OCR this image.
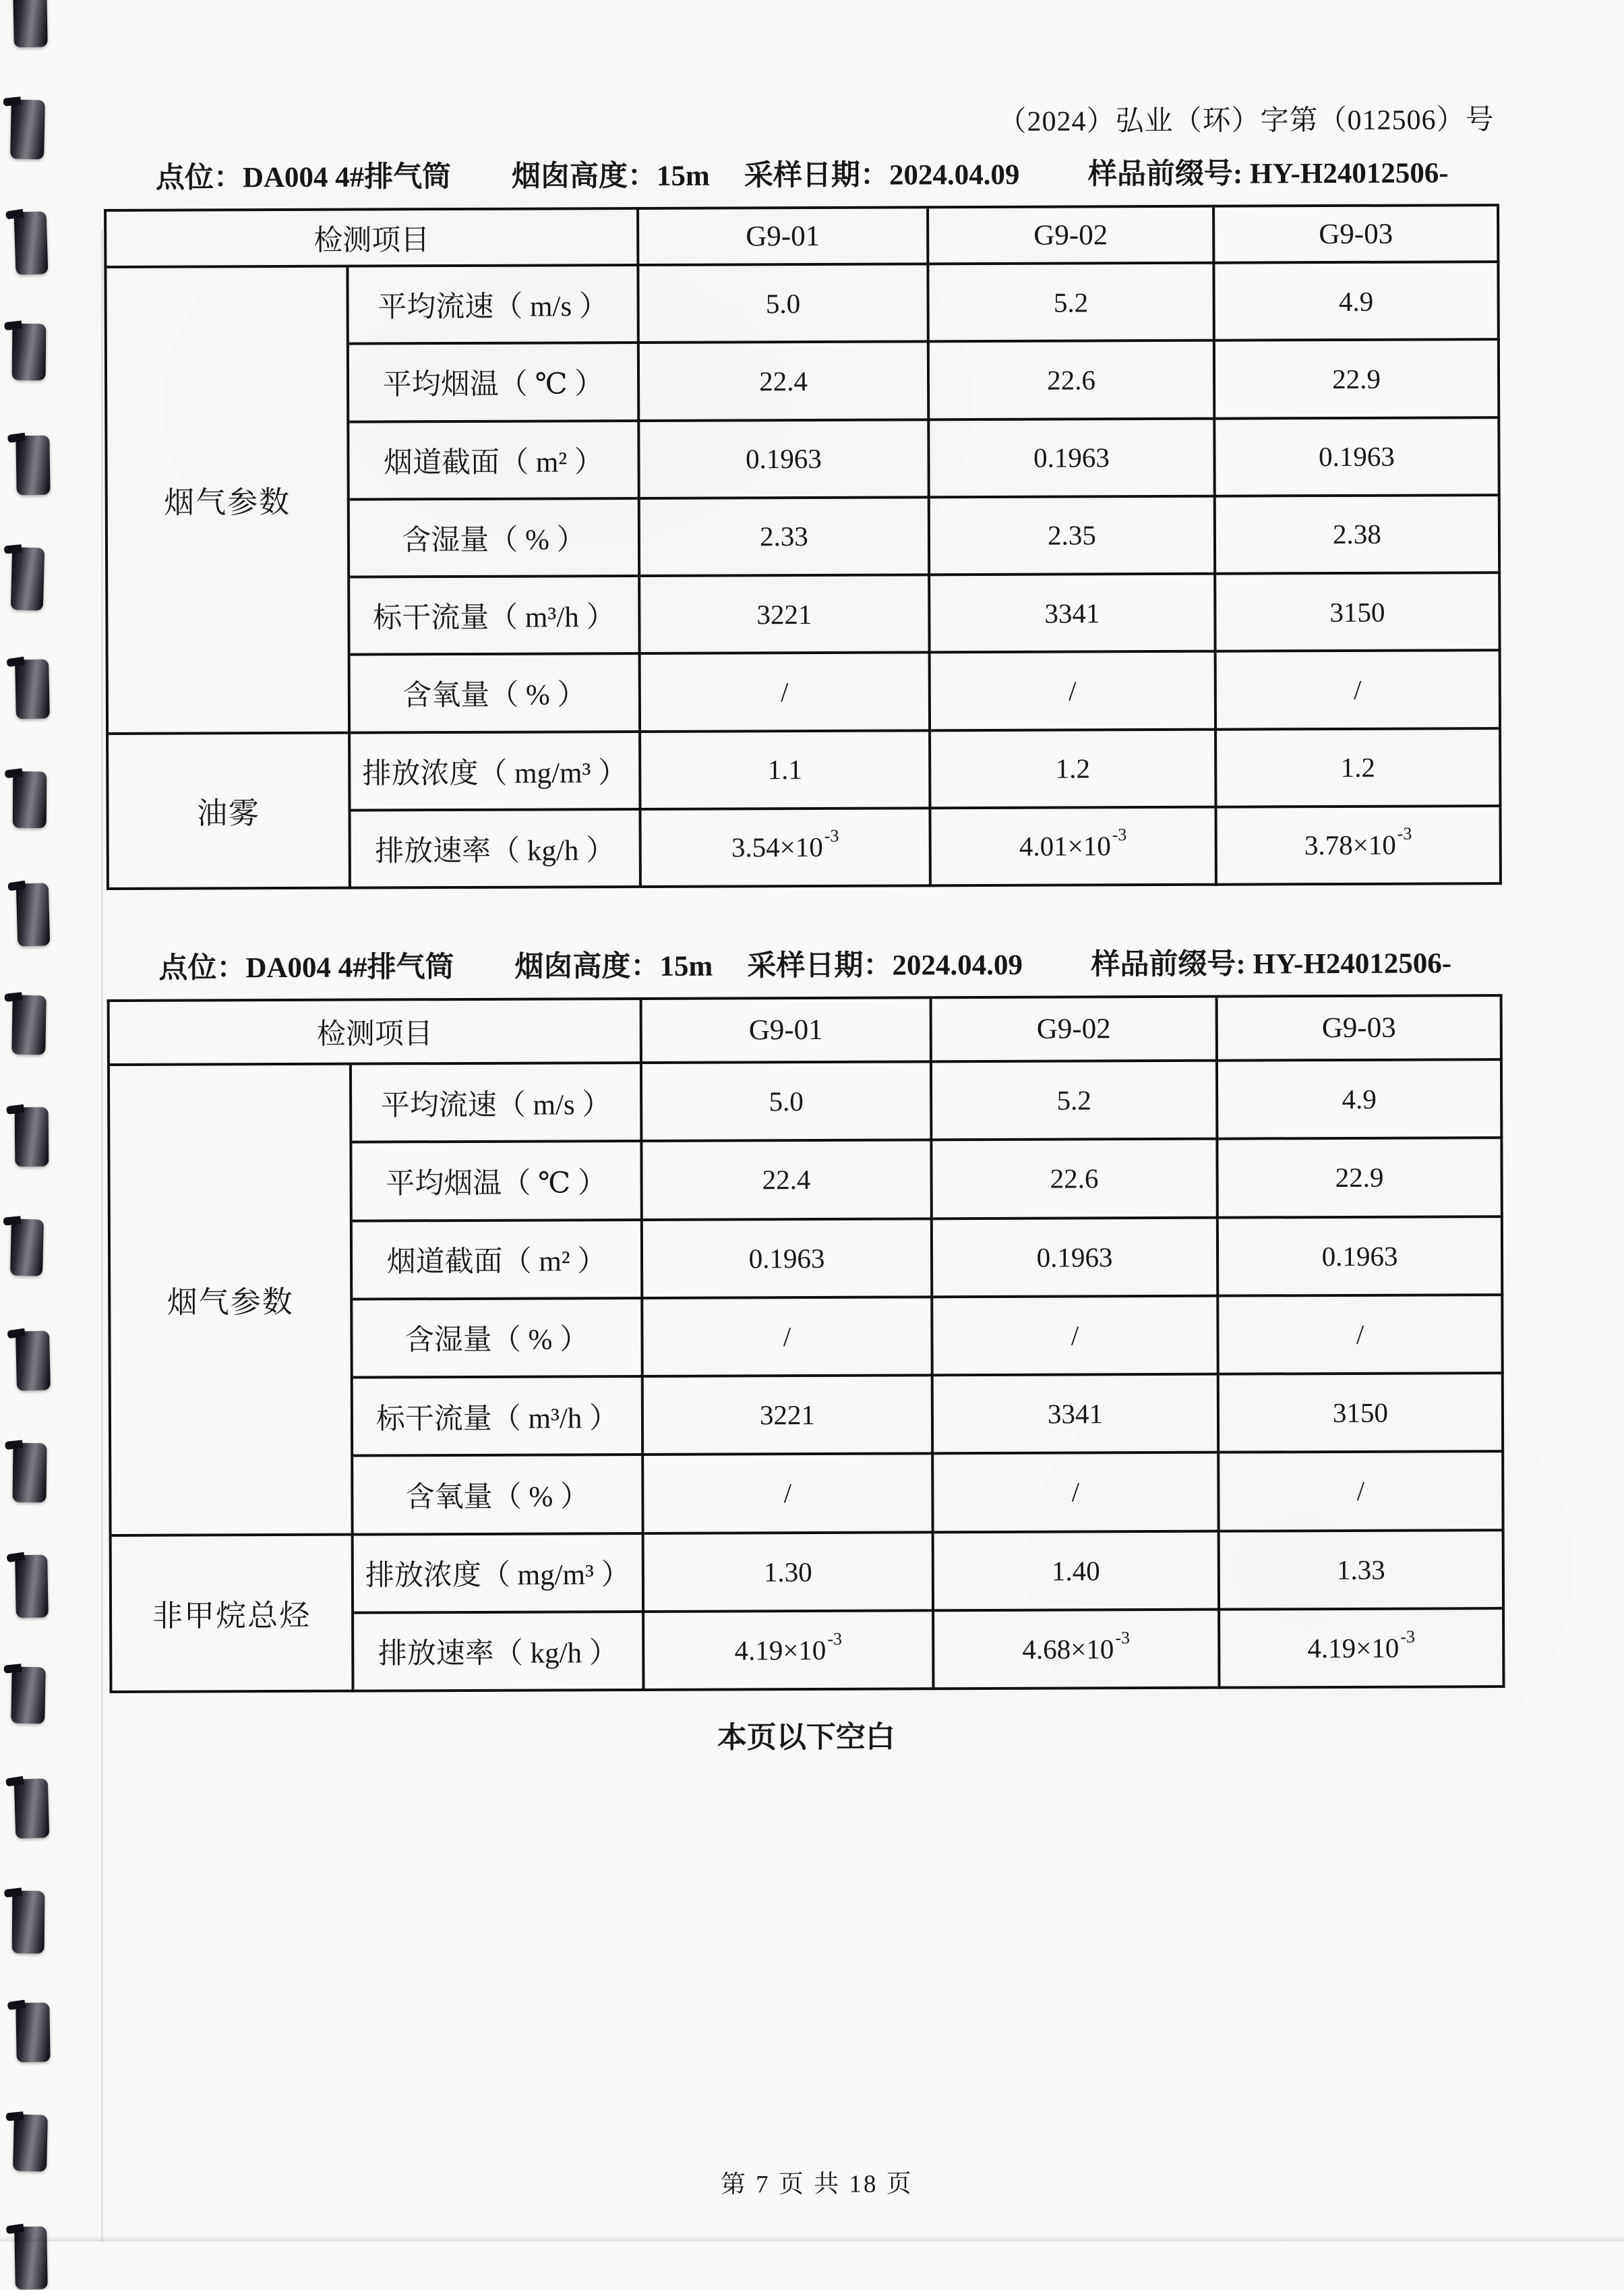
（2024）弘业（环）字第（012506）号
点位：DA004 4#排气筒 烟囱高度：15m 采样日期：2024.04.09 样品前缀号: HY-H24012506-
检测项目	G9-01	G9-02	G9-03
烟气参数
平均流速（ m/s ）	5.0	5.2	4.9
平均烟温（ ℃ ）	22.4	22.6	22.9
烟道截面（ m² ）	0.1963	0.1963	0.1963
含湿量（ % ）	2.33	2.35	2.38
标干流量（ m³/h ）	3221	3341	3150
含氧量（ % ）	/	/	/
油雾
排放浓度（ mg/m³ ）	1.1	1.2	1.2
排放速率（ kg/h ）	$3.54\times 10^{-3}$	$4.01\times 10^{-3}$	$3.78\times 10^{-3}$
点位：DA004 4#排气筒 烟囱高度：15m 采样日期：2024.04.09 样品前缀号: HY-H24012506-
检测项目	G9-01	G9-02	G9-03
烟气参数
平均流速（ m/s ）	5.0	5.2	4.9
平均烟温（ ℃ ）	22.4	22.6	22.9
烟道截面（ m² ）	0.1963	0.1963	0.1963
含湿量（ % ）	/	/	/
标干流量（ m³/h ）	3221	3341	3150
含氧量（ % ）	/	/	/
非甲烷总烃
排放浓度（ mg/m³ ）	1.30	1.40	1.33
排放速率（ kg/h ）	$4.19\times 10^{-3}$	$4.68\times 10^{-3}$	$4.19\times 10^{-3}$
本页以下空白
第 7 页 共 18 页
